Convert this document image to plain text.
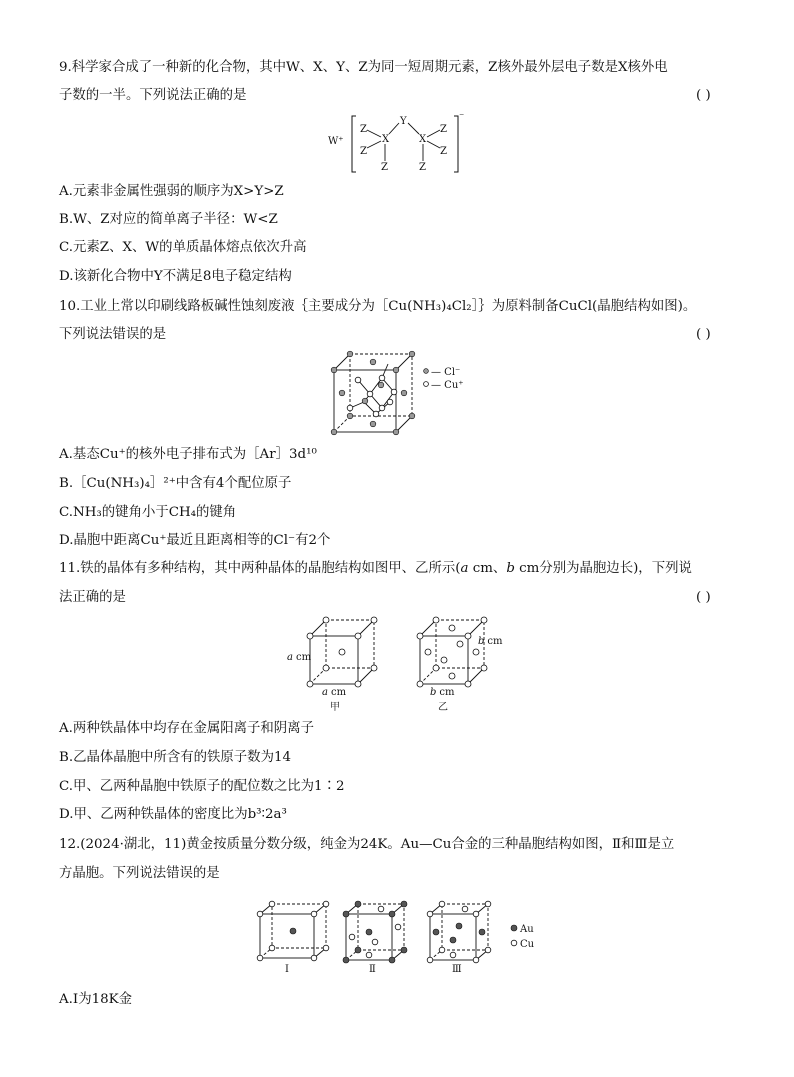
9.科学家合成了一种新的化合物，其中W、X、Y、Z为同一短周期元素，Z核外最外层电子数是X核外电
子数的一半。下列说法正确的是	( )
W⁺
⁻
Y
X	X
Z
Z
Z
Z
Z
Z
A.元素非金属性强弱的顺序为X>Y>Z
B.W、Z对应的简单离子半径：W<Z
C.元素Z、X、W的单质晶体熔点依次升高
D.该新化合物中Y不满足8电子稳定结构
10.工业上常以印刷线路板碱性蚀刻废液｛主要成分为［Cu(NH₃)₄Cl₂］｝为原料制备CuCl(晶胞结构如图)。
下列说法错误的是	( )
— Cl⁻
— Cu⁺
A.基态Cu⁺的核外电子排布式为［Ar］3d¹⁰
B.［Cu(NH₃)₄］²⁺中含有4个配位原子
C.NH₃的键角小于CH₄的键角
D.晶胞中距离Cu⁺最近且距离相等的Cl⁻有2个
11.铁的晶体有多种结构，其中两种晶体的晶胞结构如图甲、乙所示(a cm、b cm分别为晶胞边长)，下列说
法正确的是	( )
a cm
a cm
甲
b cm
b cm
乙
A.两种铁晶体中均存在金属阳离子和阴离子
B.乙晶体晶胞中所含有的铁原子数为14
C.甲、乙两种晶胞中铁原子的配位数之比为1∶2
D.甲、乙两种铁晶体的密度比为b³∶2a³
12.(2024·湖北，11)黄金按质量分数分级，纯金为24K。Au—Cu合金的三种晶胞结构如图，Ⅱ和Ⅲ是立
方晶胞。下列说法错误的是
Ⅰ	Ⅱ	Ⅲ
Au
Cu
A.Ⅰ为18K金
